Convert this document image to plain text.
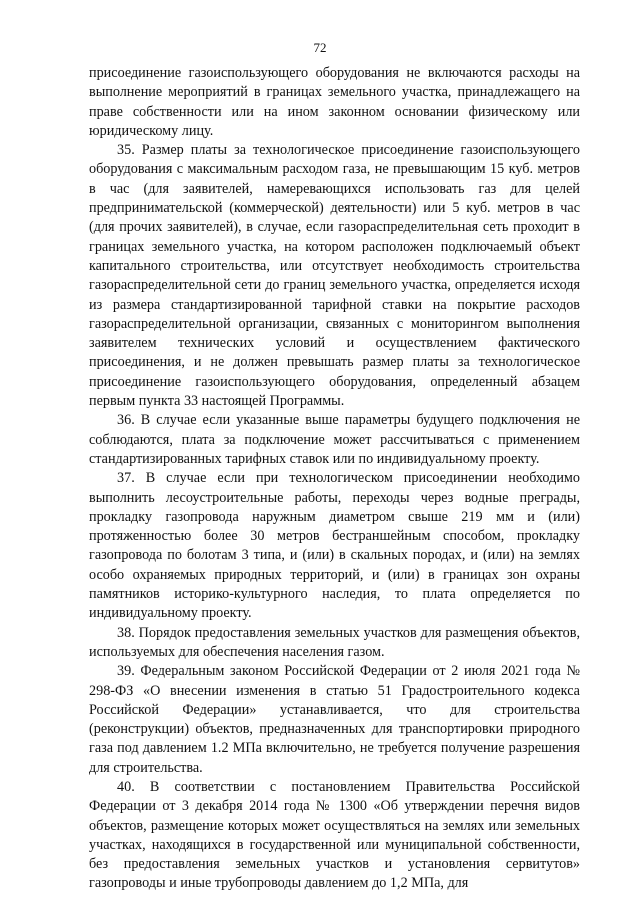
72

присоединение газоиспользующего оборудования не включаются расходы на выполнение мероприятий в границах земельного участка, принадлежащего на праве собственности или на ином законном основании физическому или юридическому лицу.

35. Размер платы за технологическое присоединение газоиспользующего оборудования с максимальным расходом газа, не превышающим 15 куб. метров в час (для заявителей, намеревающихся использовать газ для целей предпринимательской (коммерческой) деятельности) или 5 куб. метров в час (для прочих заявителей), в случае, если газораспределительная сеть проходит в границах земельного участка, на котором расположен подключаемый объект капитального строительства, или отсутствует необходимость строительства газораспределительной сети до границ земельного участка, определяется исходя из размера стандартизированной тарифной ставки на покрытие расходов газораспределительной организации, связанных с мониторингом выполнения заявителем технических условий и осуществлением фактического присоединения, и не должен превышать размер платы за технологическое присоединение газоиспользующего оборудования, определенный абзацем первым пункта 33 настоящей Программы.

36. В случае если указанные выше параметры будущего подключения не соблюдаются, плата за подключение может рассчитываться с применением стандартизированных тарифных ставок или по индивидуальному проекту.

37. В случае если при технологическом присоединении необходимо выполнить лесоустроительные работы, переходы через водные преграды, прокладку газопровода наружным диаметром свыше 219 мм и (или) протяженностью более 30 метров бестраншейным способом, прокладку газопровода по болотам 3 типа, и (или) в скальных породах, и (или) на землях особо охраняемых природных территорий, и (или) в границах зон охраны памятников историко-культурного наследия, то плата определяется по индивидуальному проекту.

38. Порядок предоставления земельных участков для размещения объектов, используемых для обеспечения населения газом.

39. Федеральным законом Российской Федерации от 2 июля 2021 года № 298-ФЗ «О внесении изменения в статью 51 Градостроительного кодекса Российской Федерации» устанавливается, что для строительства (реконструкции) объектов, предназначенных для транспортировки природного газа под давлением 1.2 МПа включительно, не требуется получение разрешения для строительства.

40. В соответствии с постановлением Правительства Российской Федерации от 3 декабря 2014 года № 1300 «Об утверждении перечня видов объектов, размещение которых может осуществляться на землях или земельных участках, находящихся в государственной или муниципальной собственности, без предоставления земельных участков и установления сервитутов» газопроводы и иные трубопроводы давлением до 1,2 МПа, для
